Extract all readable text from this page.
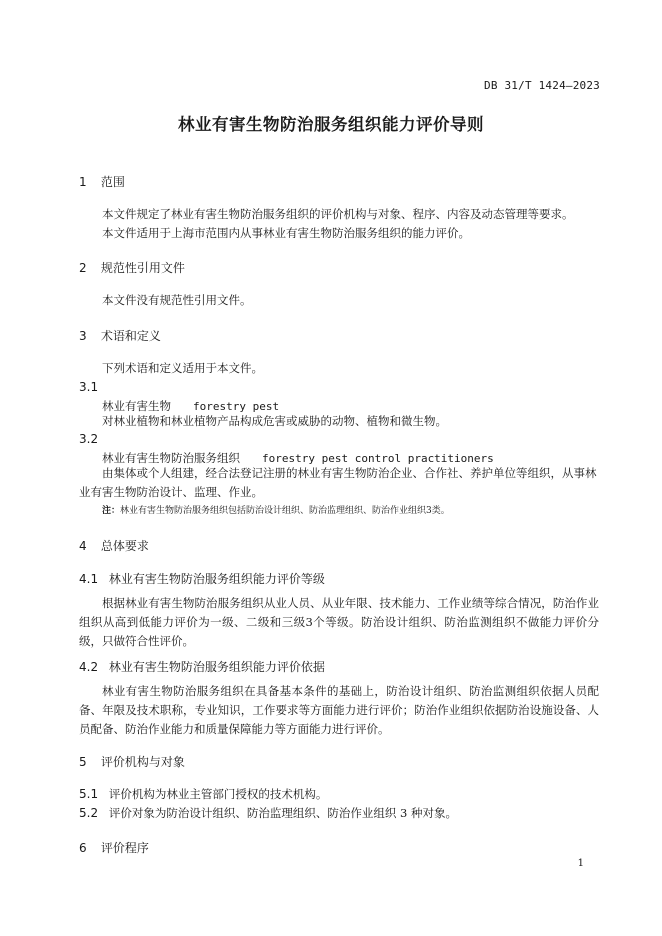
DB 31/T 1424—2023
林业有害生物防治服务组织能力评价导则
1 范围
本文件规定了林业有害生物防治服务组织的评价机构与对象、程序、内容及动态管理等要求。
本文件适用于上海市范围内从事林业有害生物防治服务组织的能力评价。
2 规范性引用文件
本文件没有规范性引用文件。
3 术语和定义
下列术语和定义适用于本文件。
3.1
林业有害生物 forestry pest
对林业植物和林业植物产品构成危害或威胁的动物、植物和微生物。
3.2
林业有害生物防治服务组织 forestry pest control practitioners
由集体或个人组建，经合法登记注册的林业有害生物防治企业、合作社、养护单位等组织，从事林
业有害生物防治设计、监理、作业。
注：林业有害生物防治服务组织包括防治设计组织、防治监理组织、防治作业组织3类。
4 总体要求
4.1 林业有害生物防治服务组织能力评价等级
根据林业有害生物防治服务组织从业人员、从业年限、技术能力、工作业绩等综合情况，防治作业组织从高到低能力评价为一级、二级和三级3个等级。防治设计组织、防治监测组织不做能力评价分级，只做符合性评价。
4.2 林业有害生物防治服务组织能力评价依据
林业有害生物防治服务组织在具备基本条件的基础上，防治设计组织、防治监测组织依据人员配备、年限及技术职称，专业知识，工作要求等方面能力进行评价；防治作业组织依据防治设施设备、人员配备、防治作业能力和质量保障能力等方面能力进行评价。
5 评价机构与对象
5.1 评价机构为林业主管部门授权的技术机构。
5.2 评价对象为防治设计组织、防治监理组织、防治作业组织 3 种对象。
6 评价程序
1
